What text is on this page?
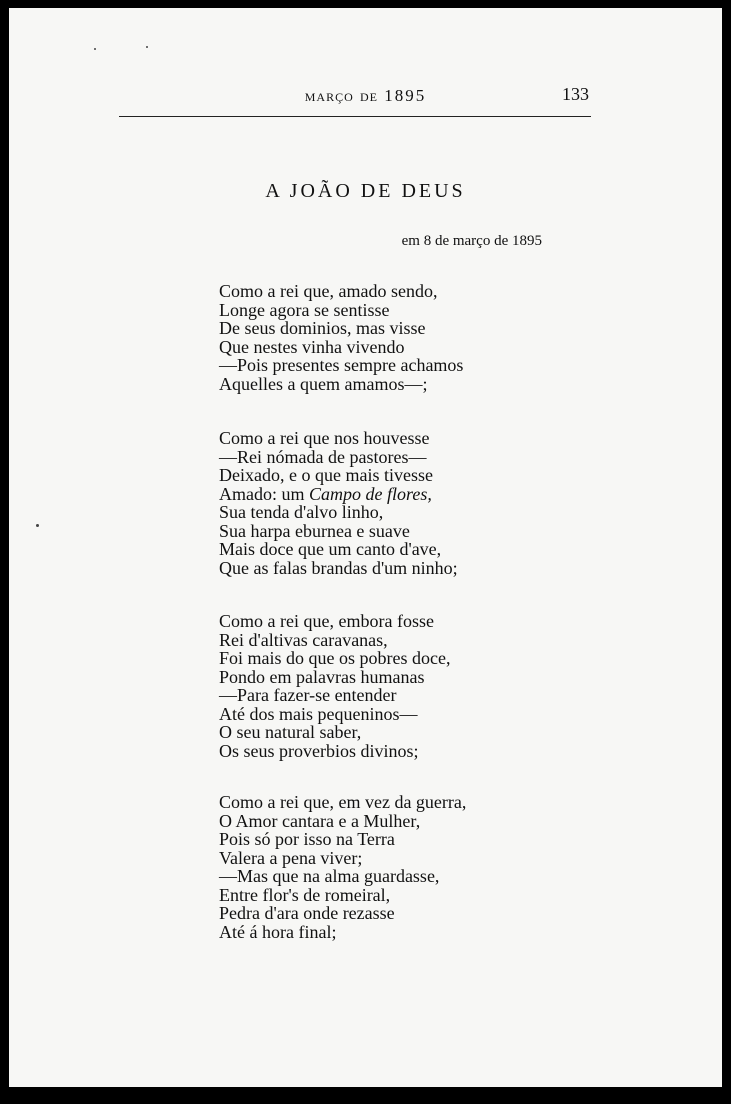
MARÇO DE 1895	133
A JOÃO DE DEUS
em 8 de março de 1895
Como a rei que, amado sendo,
Longe agora se sentisse
De seus dominios, mas visse
Que nestes vinha vivendo
—Pois presentes sempre achamos
Aquelles a quem amamos—;
Como a rei que nos houvesse
—Rei nómada de pastores—
Deixado, e o que mais tivesse
Amado: um Campo de flores,
Sua tenda d'alvo linho,
Sua harpa eburnea e suave
Mais doce que um canto d'ave,
Que as falas brandas d'um ninho;
Como a rei que, embora fosse
Rei d'altivas caravanas,
Foi mais do que os pobres doce,
Pondo em palavras humanas
—Para fazer-se entender
Até dos mais pequeninos—
O seu natural saber,
Os seus proverbios divinos;
Como a rei que, em vez da guerra,
O Amor cantara e a Mulher,
Pois só por isso na Terra
Valera a pena viver;
—Mas que na alma guardasse,
Entre flor's de romeiral,
Pedra d'ara onde rezasse
Até á hora final;
